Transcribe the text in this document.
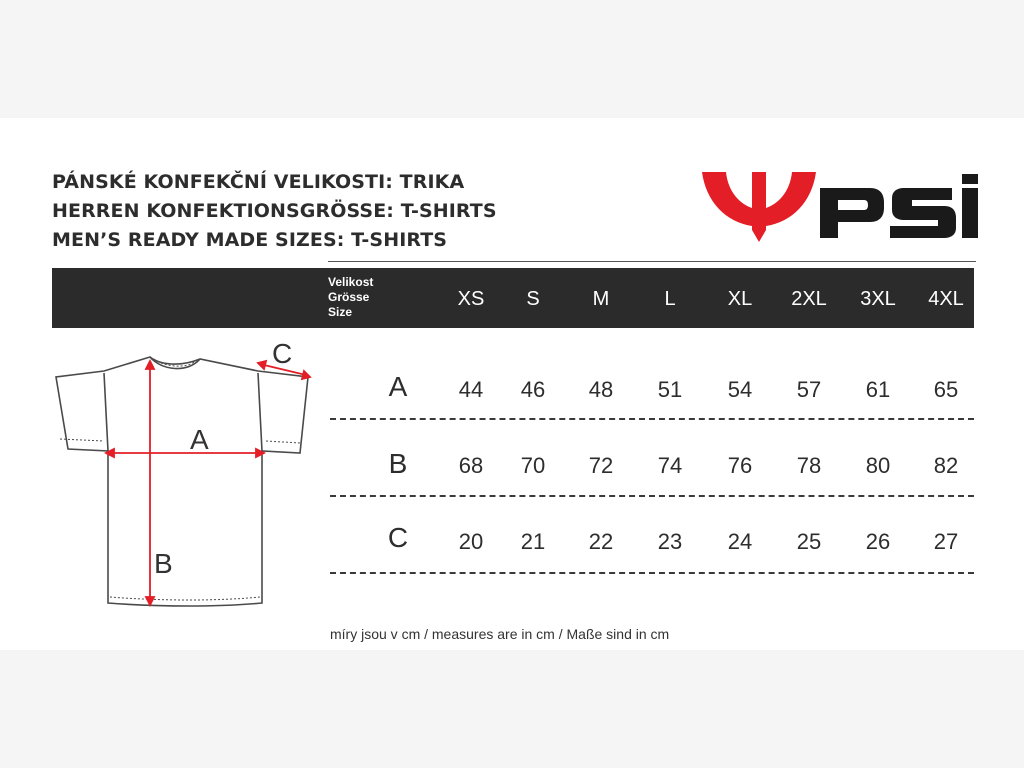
PÁNSKÉ KONFEKČNÍ VELIKOSTI: TRIKA
HERREN KONFEKTIONSGRÖSSE: T-SHIRTS
MEN’S READY MADE SIZES: T-SHIRTS
Velikost
Grösse
Size
XS	S	M	L	XL	2XL	3XL	4XL
A	44	46	48	51	54	57	61	65
B	68	70	72	74	76	78	80	82
C	20	21	22	23	24	25	26	27
A
B
C
míry jsou v cm / measures are in cm / Maße sind in cm
